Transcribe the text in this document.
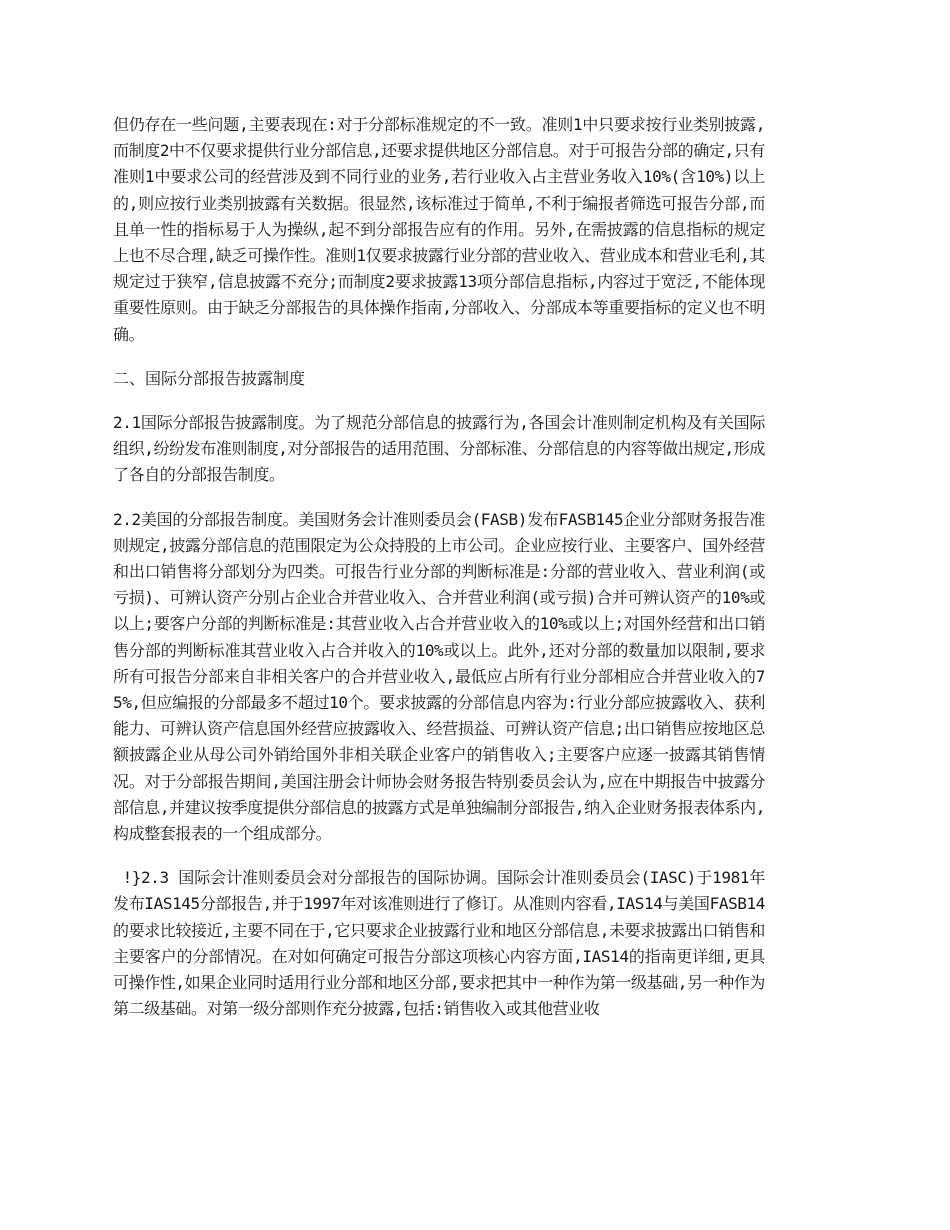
但仍存在一些问题,主要表现在:对于分部标准规定的不一致。准则1中只要求按行业类别披露,而制度2中不仅要求提供行业分部信息,还要求提供地区分部信息。对于可报告分部的确定,只有准则1中要求公司的经营涉及到不同行业的业务,若行业收入占主营业务收入10%(含10%)以上的,则应按行业类别披露有关数据。很显然,该标准过于简单,不利于编报者筛选可报告分部,而且单一性的指标易于人为操纵,起不到分部报告应有的作用。另外,在需披露的信息指标的规定上也不尽合理,缺乏可操作性。准则1仅要求披露行业分部的营业收入、营业成本和营业毛利,其规定过于狭窄,信息披露不充分;而制度2要求披露13项分部信息指标,内容过于宽泛,不能体现重要性原则。由于缺乏分部报告的具体操作指南,分部收入、分部成本等重要指标的定义也不明确。

二、国际分部报告披露制度

2.1国际分部报告披露制度。为了规范分部信息的披露行为,各国会计准则制定机构及有关国际组织,纷纷发布准则制度,对分部报告的适用范围、分部标准、分部信息的内容等做出规定,形成了各自的分部报告制度。

2.2美国的分部报告制度。美国财务会计准则委员会(FASB)发布FASB145企业分部财务报告准则规定,披露分部信息的范围限定为公众持股的上市公司。企业应按行业、主要客户、国外经营和出口销售将分部划分为四类。可报告行业分部的判断标准是:分部的营业收入、营业利润(或亏损)、可辨认资产分别占企业合并营业收入、合并营业利润(或亏损)合并可辨认资产的10%或以上;要客户分部的判断标准是:其营业收入占合并营业收入的10%或以上;对国外经营和出口销售分部的判断标准其营业收入占合并收入的10%或以上。此外,还对分部的数量加以限制,要求所有可报告分部来自非相关客户的合并营业收入,最低应占所有行业分部相应合并营业收入的75%,但应编报的分部最多不超过10个。要求披露的分部信息内容为:行业分部应披露收入、获利能力、可辨认资产信息国外经营应披露收入、经营损益、可辨认资产信息;出口销售应按地区总额披露企业从母公司外销给国外非相关联企业客户的销售收入;主要客户应逐一披露其销售情况。对于分部报告期间,美国注册会计师协会财务报告特别委员会认为,应在中期报告中披露分部信息,并建议按季度提供分部信息的披露方式是单独编制分部报告,纳入企业财务报表体系内,构成整套报表的一个组成部分。

!}2.3 国际会计准则委员会对分部报告的国际协调。国际会计准则委员会(IASC)于1981年发布IAS145分部报告,并于1997年对该准则进行了修订。从准则内容看,IAS14与美国FASB14的要求比较接近,主要不同在于,它只要求企业披露行业和地区分部信息,未要求披露出口销售和主要客户的分部情况。在对如何确定可报告分部这项核心内容方面,IAS14的指南更详细,更具可操作性,如果企业同时适用行业分部和地区分部,要求把其中一种作为第一级基础,另一种作为第二级基础。对第一级分部则作充分披露,包括:销售收入或其他营业收
